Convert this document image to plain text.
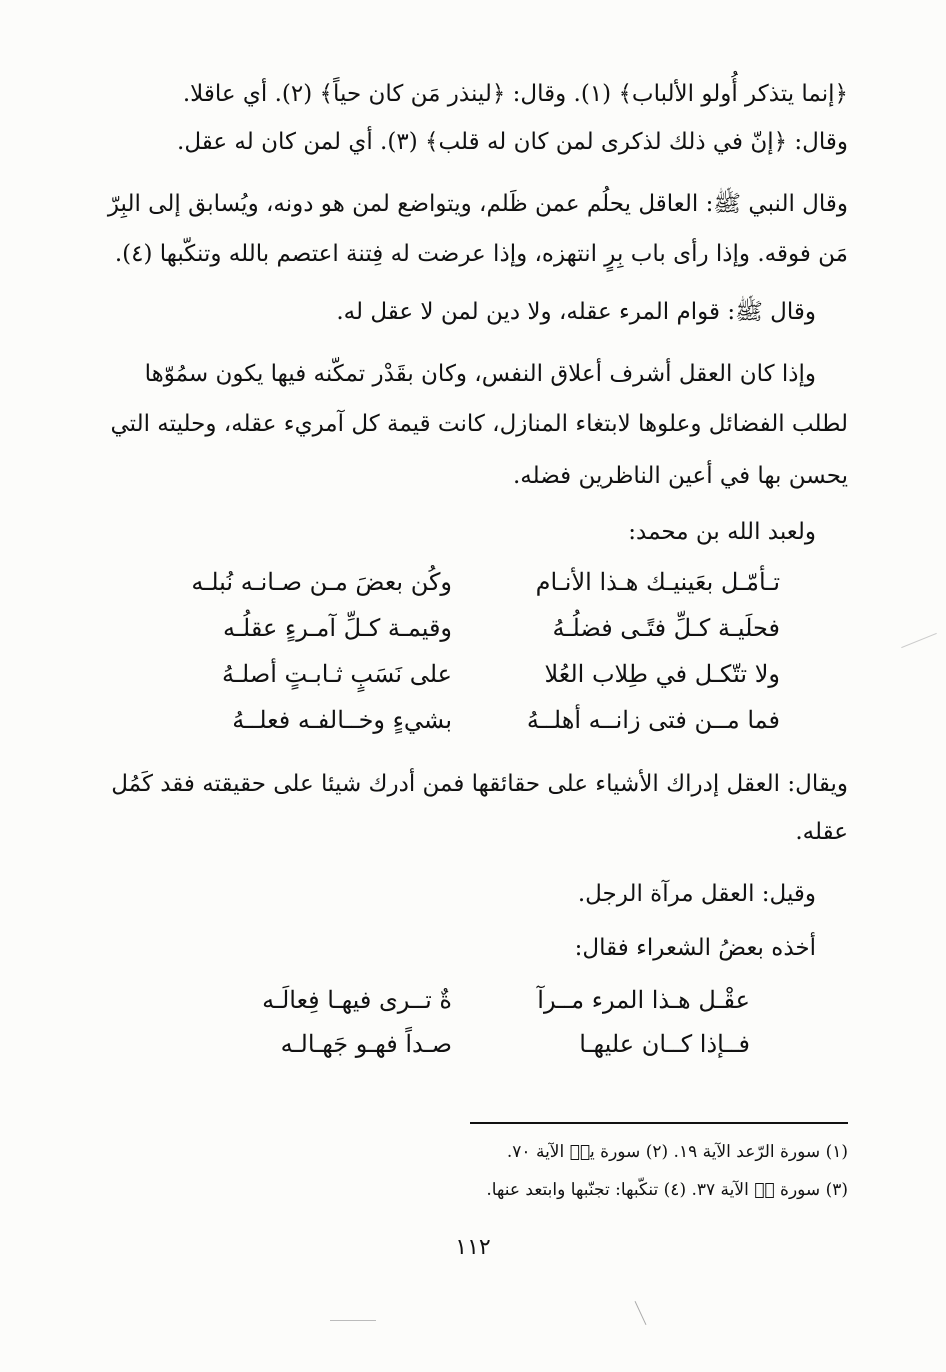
﴿إنما يتذكر أُولو الألباب﴾ (١). وقال: ﴿لينذر مَن كان حياً﴾ (٢). أي عاقلا.
وقال: ﴿إنّ في ذلك لذكرى لمن كان له قلب﴾ (٣). أي لمن كان له عقل.
وقال النبي ﷺ: العاقل يحلُم عمن ظَلم، ويتواضع لمن هو دونه، ويُسابق إلى البِرّ
مَن فوقه. وإذا رأى باب بِرٍ انتهزه، وإذا عرضت له فِتنة اعتصم بالله وتنكّبها (٤).
وقال ﷺ: قوام المرء عقله، ولا دين لمن لا عقل له.
وإذا كان العقل أشرف أعلاق النفس، وكان بقَدْر تمكّنه فيها يكون سمُوّها
لطلب الفضائل وعلوها لابتغاء المنازل، كانت قيمة كل آمريء عقله، وحليته التي
يحسن بها في أعين الناظرين فضله.
ولعبد الله بن محمد:
تـأمّـل بعَينيـك هـذا الأنـام
وكُن بعضَ مـن صـانـه نُبلـه
فحلَيـة كـلِّ فتًـى فضلُـهُ
وقيمـة كـلِّ آمـرءٍ عقلُـه
ولا تتّكـل في طِلاب العُلا
على نَسَبٍ ثـابـتٍ أصلـهُ
فما مــن فتى زانــه أهلــهُ
بشيءٍ وخــالفـه فعلــهُ
ويقال: العقل إدراك الأشياء على حقائقها فمن أدرك شيئا على حقيقته فقد كَمُل
عقله.
وقيل: العقل مرآة الرجل.
أخذه بعضُ الشعراء فقال:
عقْـل هـذا المرء مــرآ
ةٌ تــرى فيهـا فِعالَـه
فــإذا كــان عليهـا
صـداً فهـو جَهـالـه
(١) سورة الرّعد الآية ١٩. (٢) سورة يسۤ الآية ٧٠.
(٣) سورة قۤ الآية ٣٧. (٤) تنكّبها: تجنّبها وابتعد عنها.
١١٢
